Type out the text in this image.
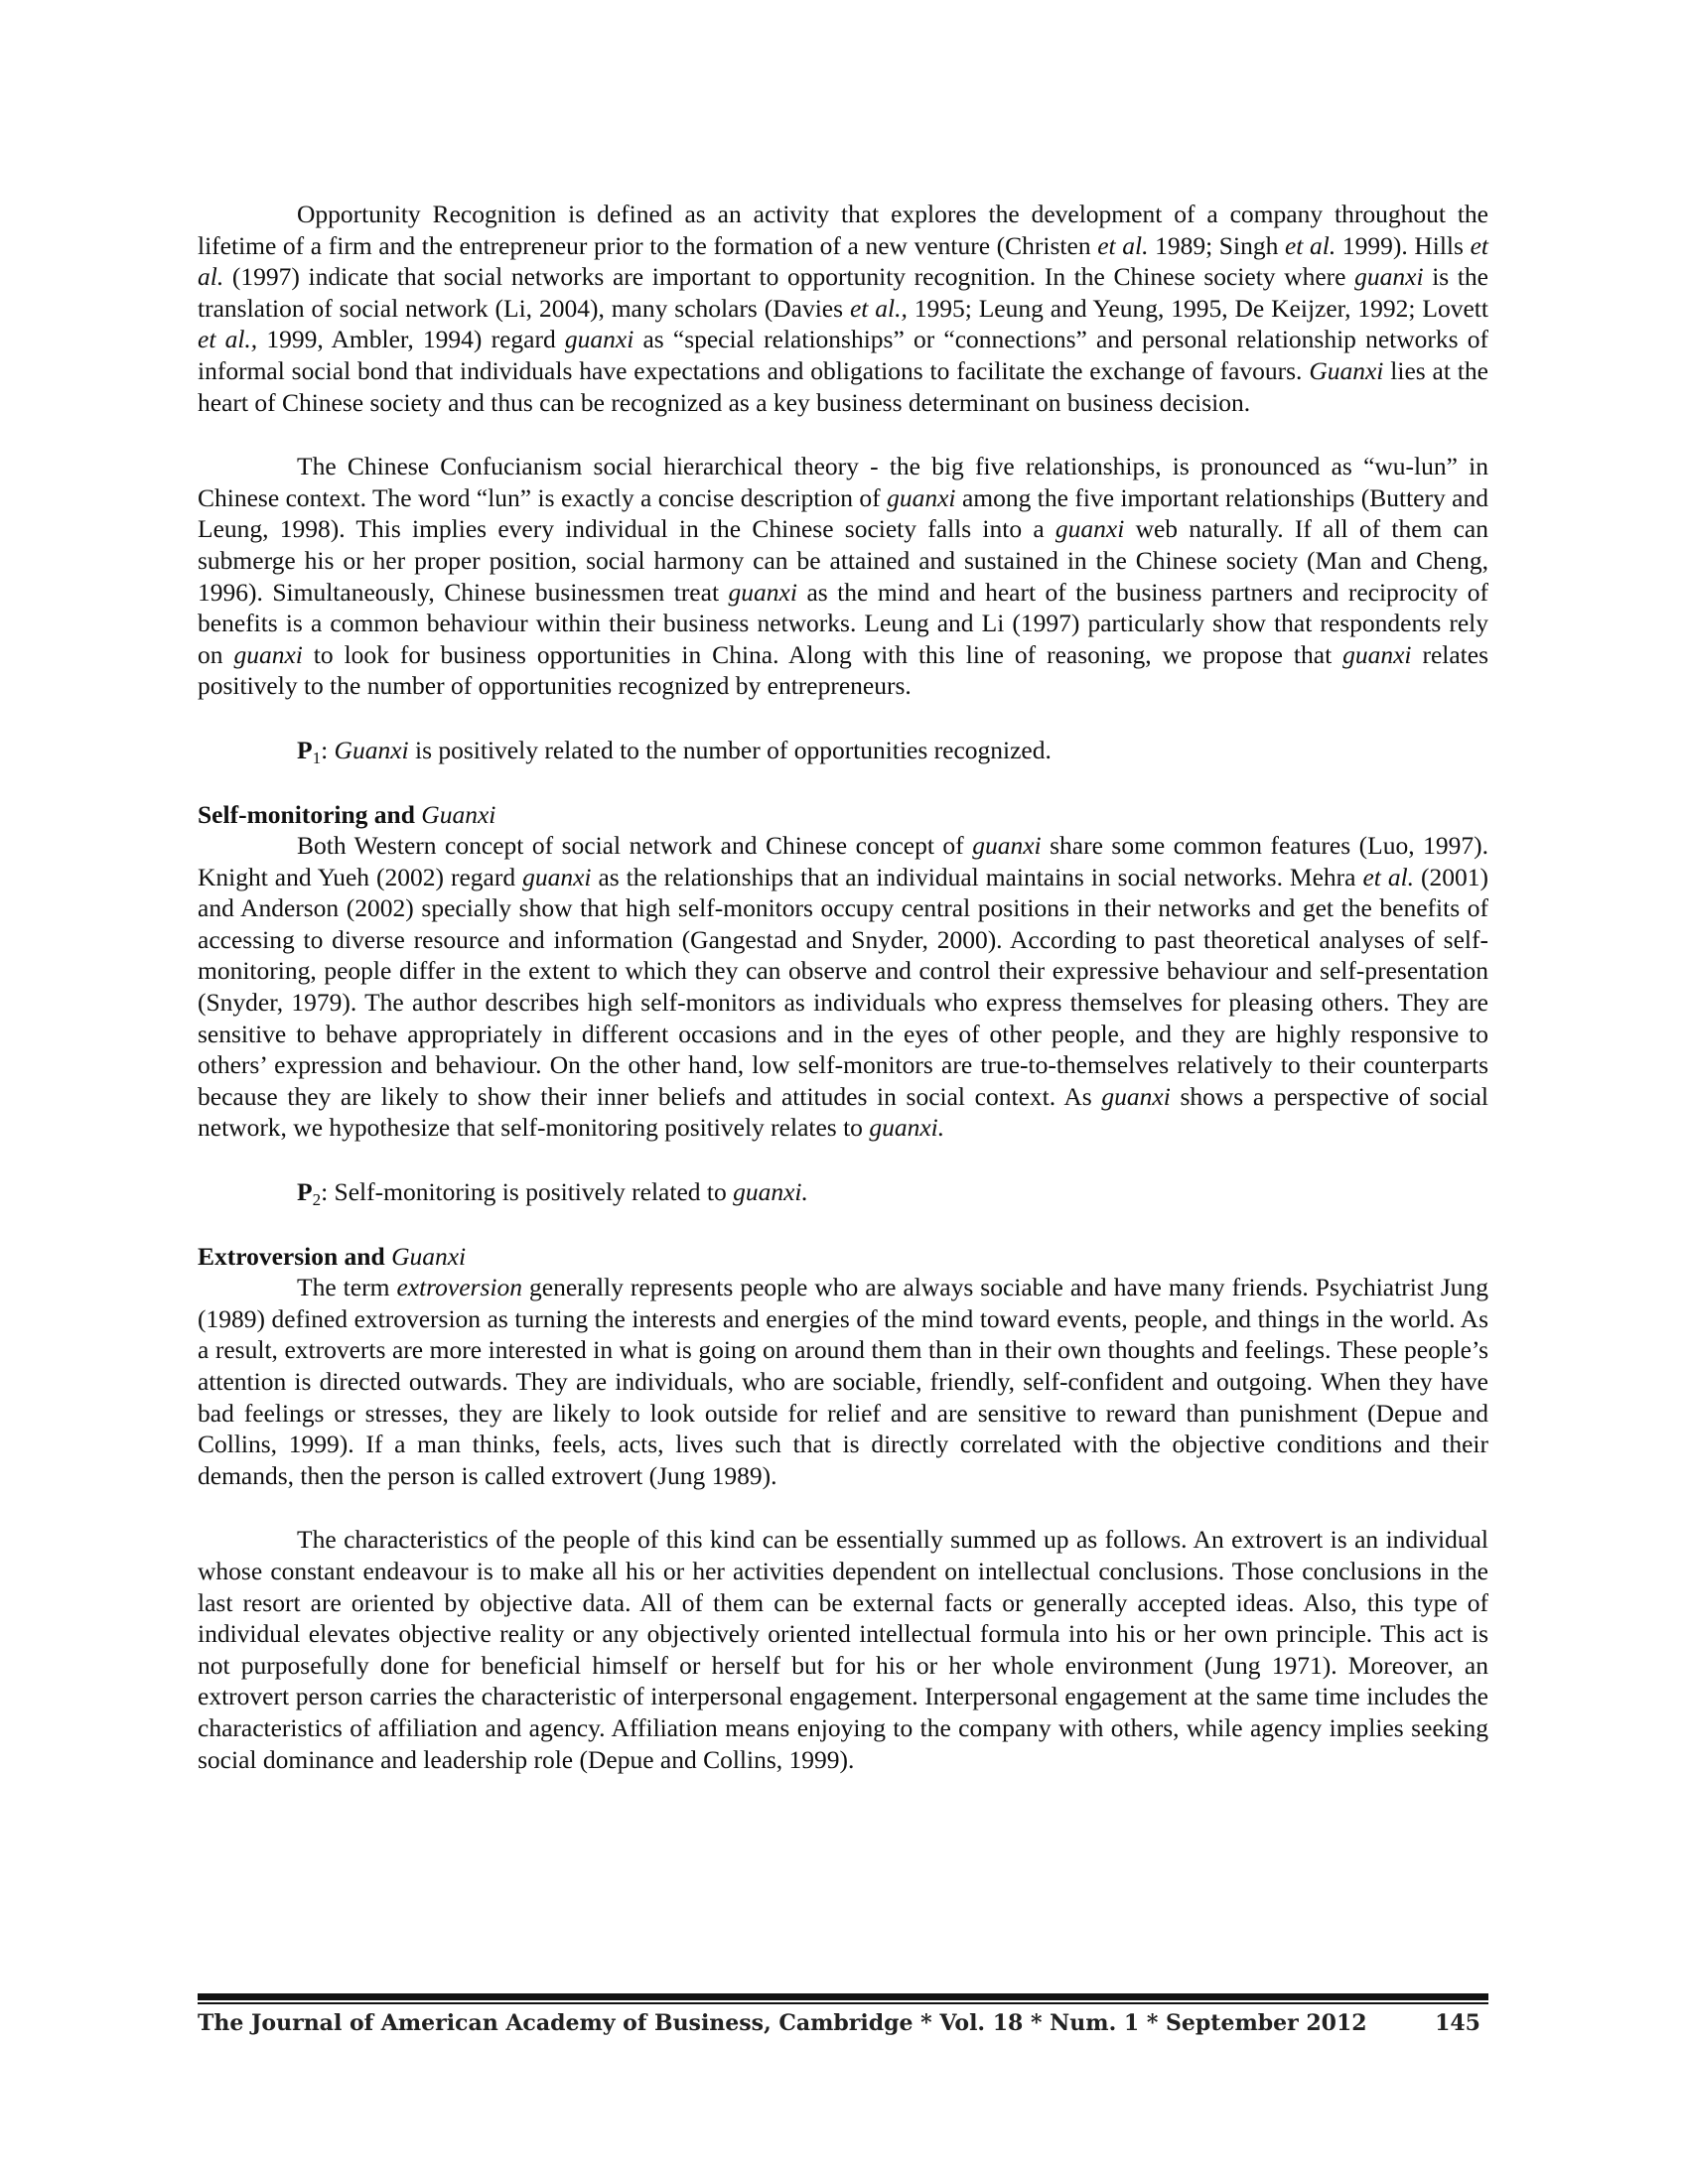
Opportunity Recognition is defined as an activity that explores the development of a company throughout the lifetime of a firm and the entrepreneur prior to the formation of a new venture (Christen et al. 1989; Singh et al. 1999). Hills et al. (1997) indicate that social networks are important to opportunity recognition. In the Chinese society where guanxi is the translation of social network (Li, 2004), many scholars (Davies et al., 1995; Leung and Yeung, 1995, De Keijzer, 1992; Lovett et al., 1999, Ambler, 1994) regard guanxi as “special relationships” or “connections” and personal relationship networks of informal social bond that individuals have expectations and obligations to facilitate the exchange of favours. Guanxi lies at the heart of Chinese society and thus can be recognized as a key business determinant on business decision.

The Chinese Confucianism social hierarchical theory - the big five relationships, is pronounced as “wu-lun” in Chinese context. The word “lun” is exactly a concise description of guanxi among the five important relationships (Buttery and Leung, 1998). This implies every individual in the Chinese society falls into a guanxi web naturally. If all of them can submerge his or her proper position, social harmony can be attained and sustained in the Chinese society (Man and Cheng, 1996). Simultaneously, Chinese businessmen treat guanxi as the mind and heart of the business partners and reciprocity of benefits is a common behaviour within their business networks. Leung and Li (1997) particularly show that respondents rely on guanxi to look for business opportunities in China. Along with this line of reasoning, we propose that guanxi relates positively to the number of opportunities recognized by entrepreneurs.

$P_1$: Guanxi is positively related to the number of opportunities recognized.

Self-monitoring and Guanxi

Both Western concept of social network and Chinese concept of guanxi share some common features (Luo, 1997). Knight and Yueh (2002) regard guanxi as the relationships that an individual maintains in social networks. Mehra et al. (2001) and Anderson (2002) specially show that high self-monitors occupy central positions in their networks and get the benefits of accessing to diverse resource and information (Gangestad and Snyder, 2000). According to past theoretical analyses of self-monitoring, people differ in the extent to which they can observe and control their expressive behaviour and self-presentation (Snyder, 1979). The author describes high self-monitors as individuals who express themselves for pleasing others. They are sensitive to behave appropriately in different occasions and in the eyes of other people, and they are highly responsive to others’ expression and behaviour. On the other hand, low self-monitors are true-to-themselves relatively to their counterparts because they are likely to show their inner beliefs and attitudes in social context. As guanxi shows a perspective of social network, we hypothesize that self-monitoring positively relates to guanxi.

$P_2$: Self-monitoring is positively related to guanxi.

Extroversion and Guanxi

The term extroversion generally represents people who are always sociable and have many friends. Psychiatrist Jung (1989) defined extroversion as turning the interests and energies of the mind toward events, people, and things in the world. As a result, extroverts are more interested in what is going on around them than in their own thoughts and feelings. These people’s attention is directed outwards. They are individuals, who are sociable, friendly, self-confident and outgoing. When they have bad feelings or stresses, they are likely to look outside for relief and are sensitive to reward than punishment (Depue and Collins, 1999). If a man thinks, feels, acts, lives such that is directly correlated with the objective conditions and their demands, then the person is called extrovert (Jung 1989).

The characteristics of the people of this kind can be essentially summed up as follows. An extrovert is an individual whose constant endeavour is to make all his or her activities dependent on intellectual conclusions. Those conclusions in the last resort are oriented by objective data. All of them can be external facts or generally accepted ideas. Also, this type of individual elevates objective reality or any objectively oriented intellectual formula into his or her own principle. This act is not purposefully done for beneficial himself or herself but for his or her whole environment (Jung 1971). Moreover, an extrovert person carries the characteristic of interpersonal engagement. Interpersonal engagement at the same time includes the characteristics of affiliation and agency. Affiliation means enjoying to the company with others, while agency implies seeking social dominance and leadership role (Depue and Collins, 1999).

The Journal of American Academy of Business, Cambridge * Vol. 18 * Num. 1 * September 2012	145
